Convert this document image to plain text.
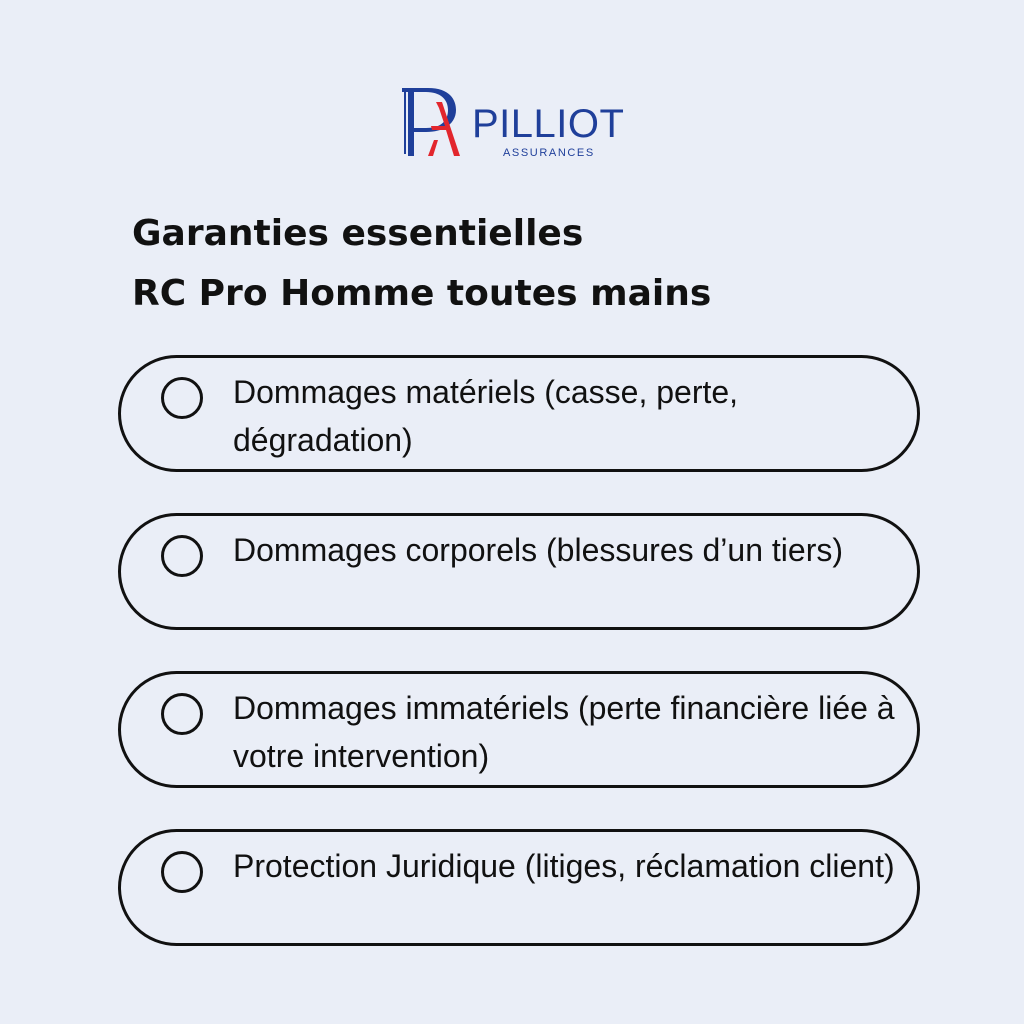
PILLIOT
ASSURANCES
Garanties essentielles
RC Pro Homme toutes mains
Dommages matériels (casse, perte, dégradation)
Dommages corporels (blessures d’un tiers)
Dommages immatériels (perte financière liée à votre intervention)
Protection Juridique (litiges, réclamation client)
